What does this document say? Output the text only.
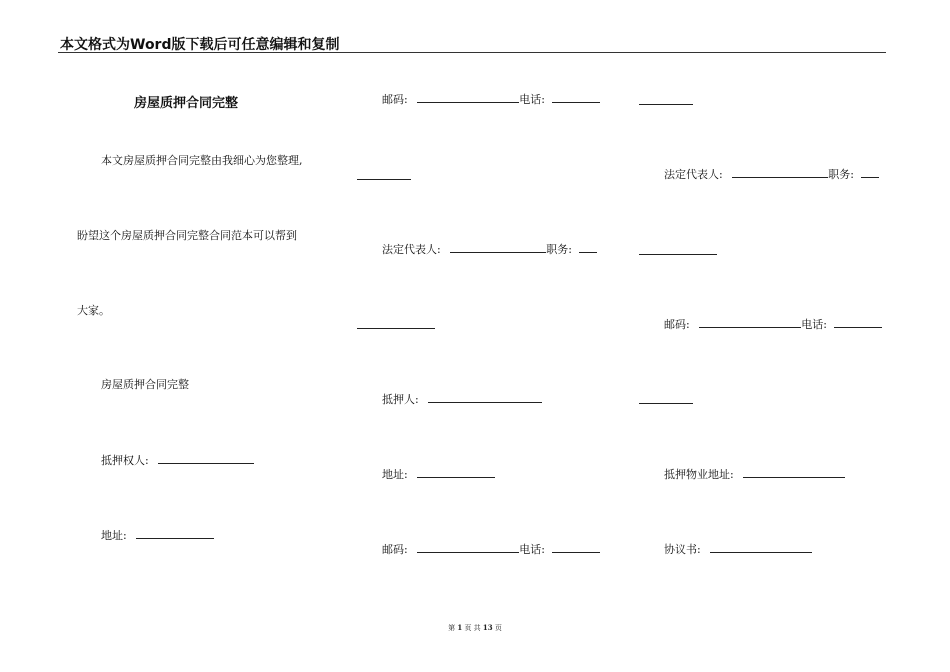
本文格式为Word版下载后可任意编辑和复制
房屋质押合同完整
本文房屋质押合同完整由我细心为您整理,
盼望这个房屋质押合同完整合同范本可以帮到
大家。
房屋质押合同完整
抵押权人:
地址:
邮码:	电话:
法定代表人:	职务:
抵押人:
地址:
邮码:	电话:
法定代表人:	职务:
邮码:	电话:
抵押物业地址:
协议书:
第 1 页 共 13 页
